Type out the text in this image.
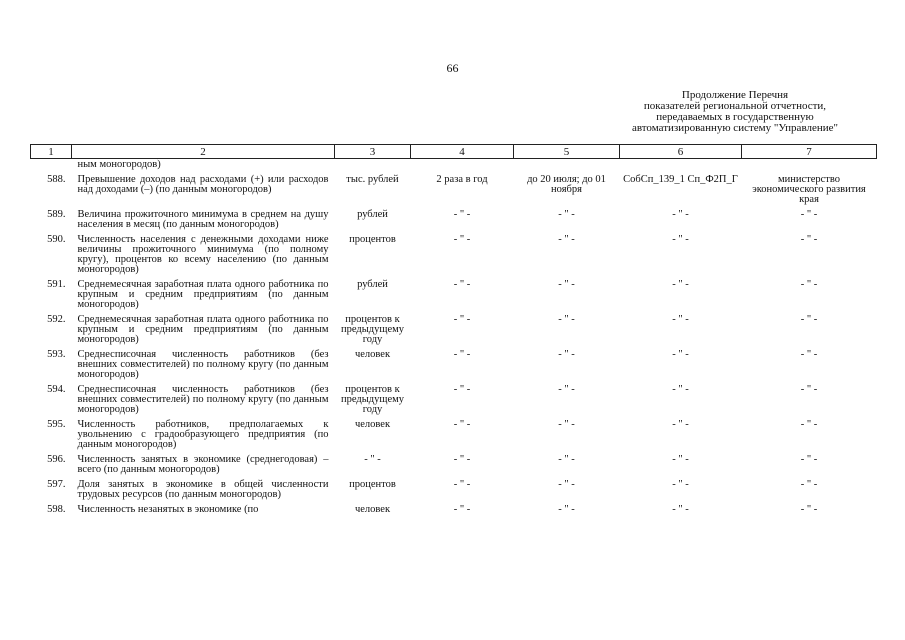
66
Продолжение Перечня
показателей региональной отчетности,
передаваемых в государственную
автоматизированную систему "Управление"
1	2	3	4	5	6	7
	ным моногородов)					
588.	Превышение доходов над расходами (+) или расходов над доходами (–) (по данным моногородов)	тыс. рублей	2 раза в год	до 20 июля; до 01 ноября	СобСп_139_1 Сп_Ф2П_Г	министерство экономического развития края
589.	Величина прожиточного минимума в среднем на душу населения в месяц (по данным моногородов)	рублей	- " -	- " -	- " -	- " -
590.	Численность населения с денежными доходами ниже величины прожиточного минимума (по полному кругу), процентов ко всему населению (по данным моногородов)	процентов	- " -	- " -	- " -	- " -
591.	Среднемесячная заработная плата одного работника по крупным и средним предприятиям (по данным моногородов)	рублей	- " -	- " -	- " -	- " -
592.	Среднемесячная заработная плата одного работника по крупным и средним предприятиям (по данным моногородов)	процентов к предыдущему году	- " -	- " -	- " -	- " -
593.	Среднесписочная численность работников (без внешних совместителей) по полному кругу (по данным моногородов)	человек	- " -	- " -	- " -	- " -
594.	Среднесписочная численность работников (без внешних совместителей) по полному кругу (по данным моногородов)	процентов к предыдущему году	- " -	- " -	- " -	- " -
595.	Численность работников, предполагаемых к увольнению с градообразующего предприятия (по данным моногородов)	человек	- " -	- " -	- " -	- " -
596.	Численность занятых в экономике (среднегодовая) – всего (по данным моногородов)	- " -	- " -	- " -	- " -	- " -
597.	Доля занятых в экономике в общей численности трудовых ресурсов (по данным моногородов)	процентов	- " -	- " -	- " -	- " -
598.	Численность незанятых в экономике (по	человек	- " -	- " -	- " -	- " -
